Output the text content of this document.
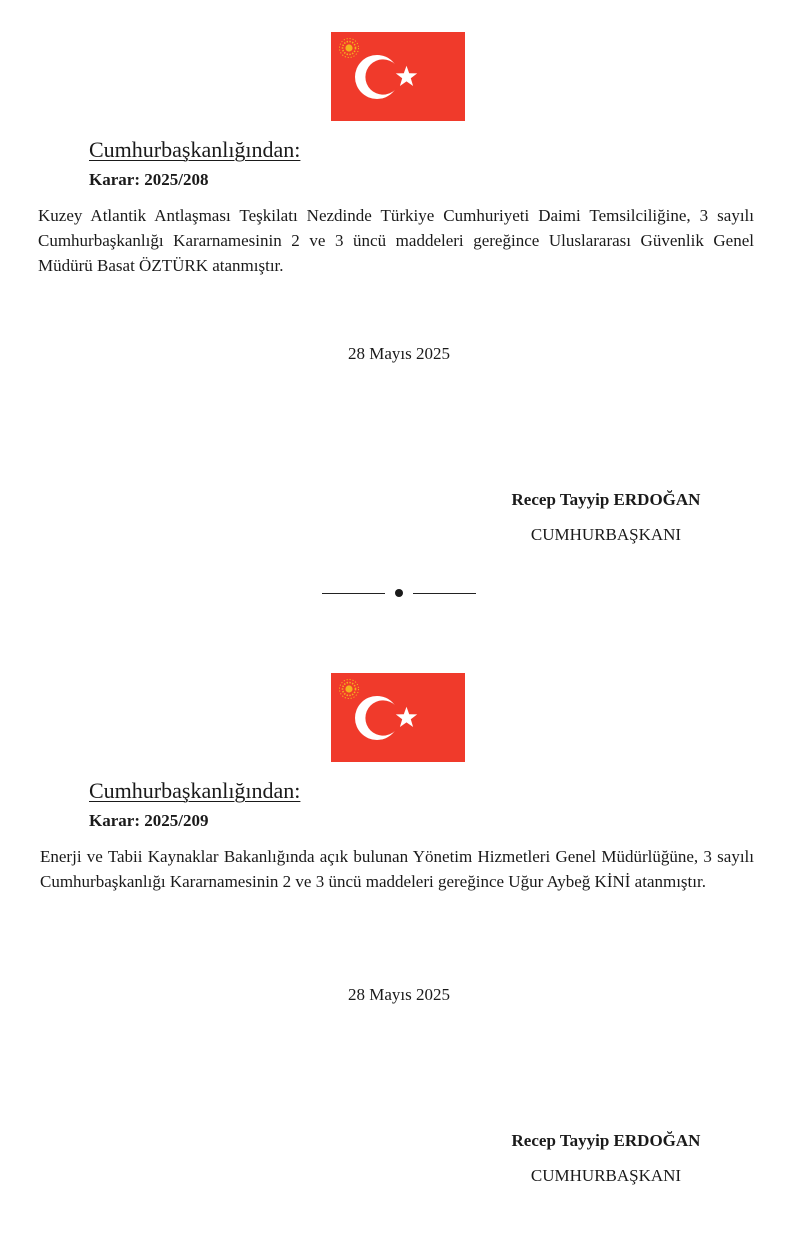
Cumhurbaşkanlığından:
Karar: 2025/208

Kuzey Atlantik Antlaşması Teşkilatı Nezdinde Türkiye Cumhuriyeti Daimi Temsilciliğine, 3 sayılı Cumhurbaşkanlığı Kararnamesinin 2 ve 3 üncü maddeleri gereğince Uluslararası Güvenlik Genel Müdürü Basat ÖZTÜRK atanmıştır.

28 Mayıs 2025
Recep Tayyip ERDOĞAN
CUMHURBAŞKANI
Cumhurbaşkanlığından:
Karar: 2025/209

Enerji ve Tabii Kaynaklar Bakanlığında açık bulunan Yönetim Hizmetleri Genel Müdürlüğüne, 3 sayılı Cumhurbaşkanlığı Kararnamesinin 2 ve 3 üncü maddeleri gereğince Uğur Aybeğ KİNİ atanmıştır.

28 Mayıs 2025
Recep Tayyip ERDOĞAN
CUMHURBAŞKANI
